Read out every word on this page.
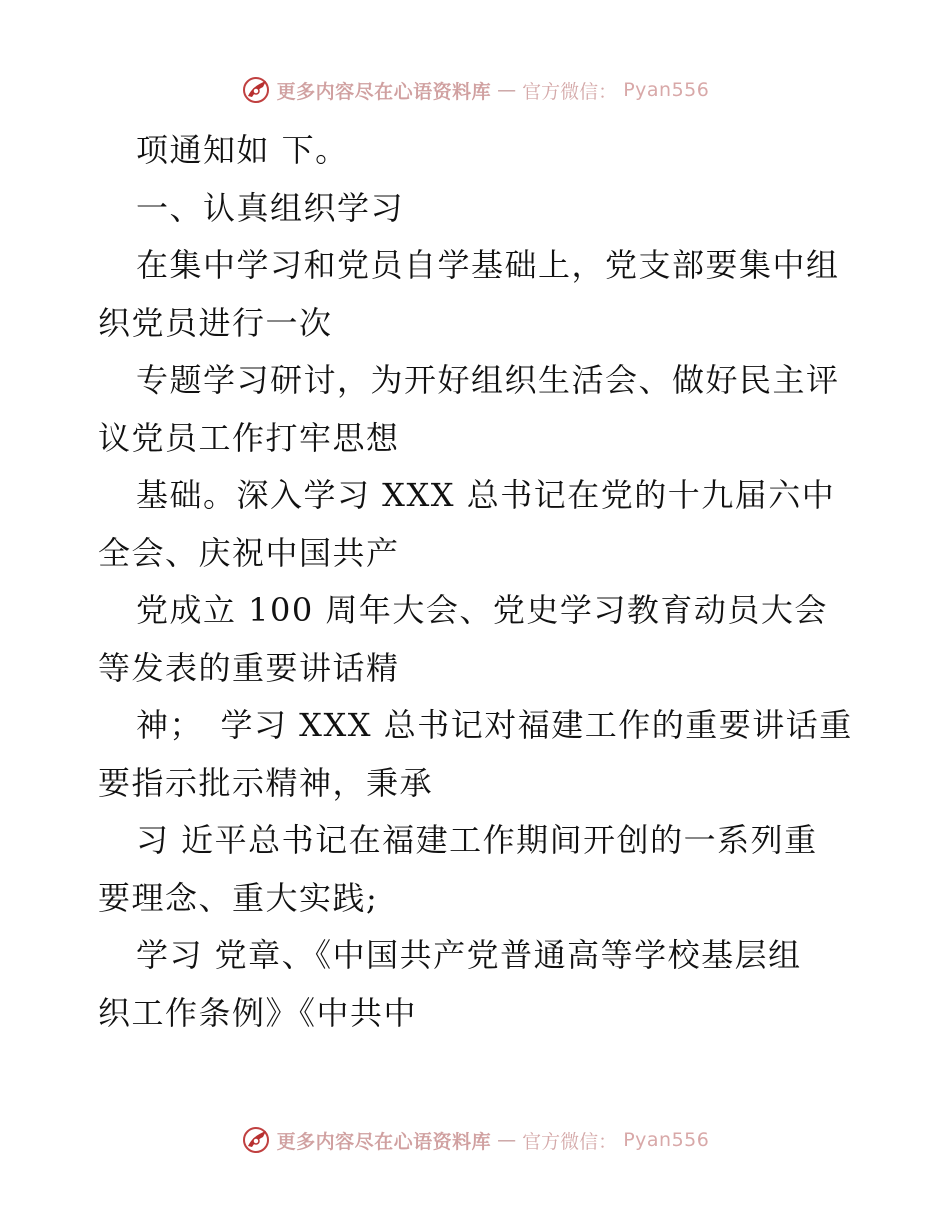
更多内容尽在心语资料库 — 官方微信： Pyan556
项通知如 下。
一、认真组织学习
在集中学习和党员自学基础上，党支部要集中组
织党员进行一次
专题学习研讨，为开好组织生活会、做好民主评
议党员工作打牢思想
基础。深入学习 XXX 总书记在党的十九届六中
全会、庆祝中国共产
党成立 100 周年大会、党史学习教育动员大会
等发表的重要讲话精
神；　学习 XXX 总书记对福建工作的重要讲话重
要指示批示精神，秉承
习 近平总书记在福建工作期间开创的一系列重
要理念、重大实践;
学习 党章、《中国共产党普通高等学校基层组
织工作条例》《中共中
更多内容尽在心语资料库 — 官方微信： Pyan556
